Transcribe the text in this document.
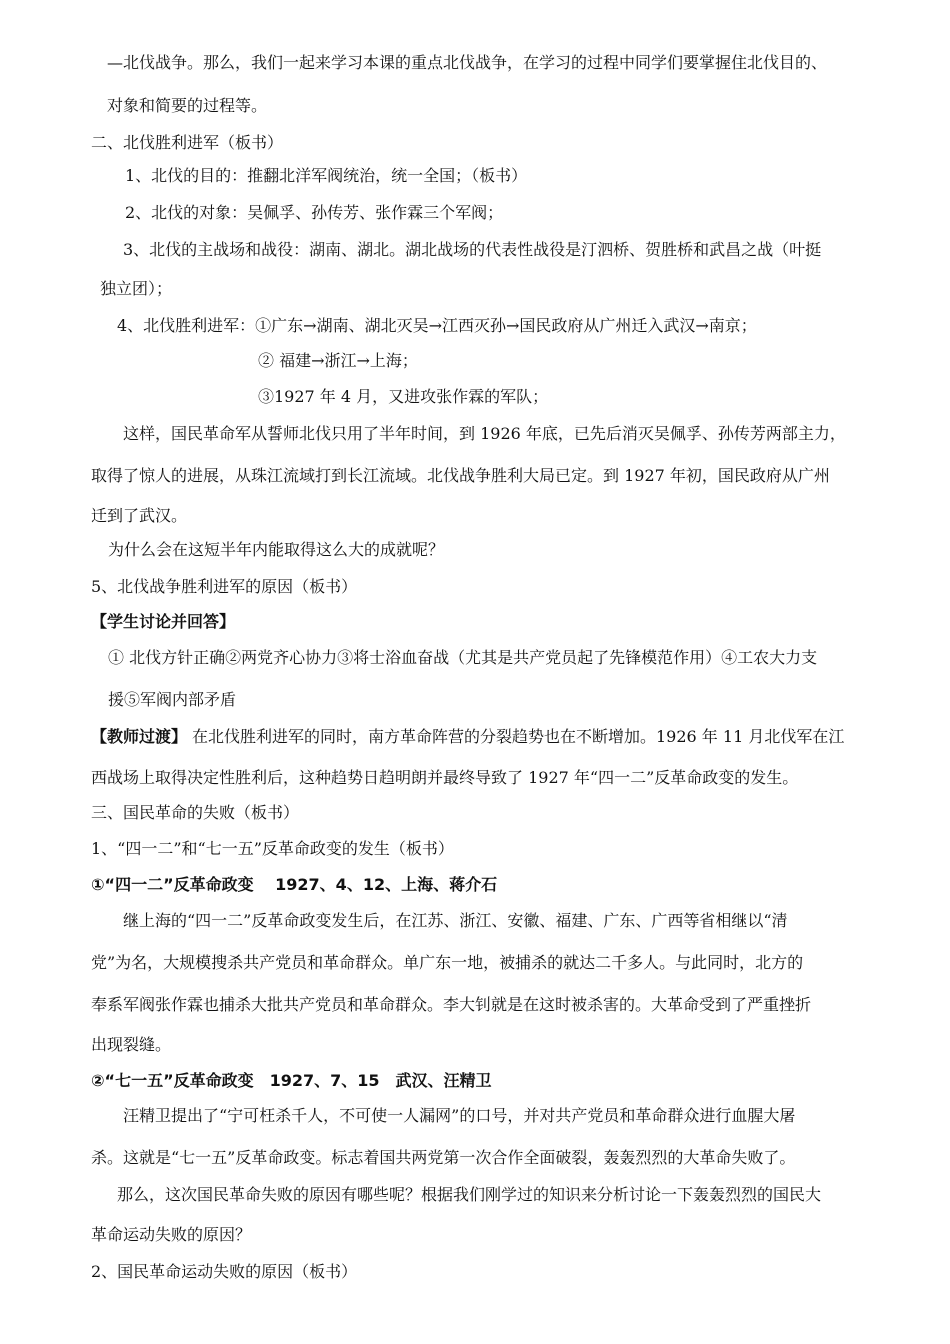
—北伐战争。那么，我们一起来学习本课的重点北伐战争，在学习的过程中同学们要掌握住北伐目的、
对象和简要的过程等。
二、北伐胜利进军（板书）
1、北伐的目的：推翻北洋军阀统治，统一全国；（板书）
2、北伐的对象：吴佩孚、孙传芳、张作霖三个军阀；
3、北伐的主战场和战役：湖南、湖北。湖北战场的代表性战役是汀泗桥、贺胜桥和武昌之战（叶挺
独立团）；
4、北伐胜利进军：①广东→湖南、湖北灭吴→江西灭孙→国民政府从广州迁入武汉→南京；
② 福建→浙江→上海；
③1927 年 4 月，又进攻张作霖的军队；
这样，国民革命军从誓师北伐只用了半年时间，到 1926 年底，已先后消灭吴佩孚、孙传芳两部主力，
取得了惊人的进展，从珠江流域打到长江流域。北伐战争胜利大局已定。到 1927 年初，国民政府从广州
迁到了武汉。
为什么会在这短半年内能取得这么大的成就呢？
5、北伐战争胜利进军的原因（板书）
【学生讨论并回答】
① 北伐方针正确②两党齐心协力③将士浴血奋战（尤其是共产党员起了先锋模范作用）④工农大力支
援⑤军阀内部矛盾
【教师过渡】 在北伐胜利进军的同时，南方革命阵营的分裂趋势也在不断增加。1926 年 11 月北伐军在江
西战场上取得决定性胜利后，这种趋势日趋明朗并最终导致了 1927 年“四一二”反革命政变的发生。
三、国民革命的失败（板书）
1、“四一二”和“七一五”反革命政变的发生（板书）
①“四一二”反革命政变　 1927、4、12、上海、蒋介石
继上海的“四一二”反革命政变发生后，在江苏、浙江、安徽、福建、广东、广西等省相继以“清
党”为名，大规模搜杀共产党员和革命群众。单广东一地，被捕杀的就达二千多人。与此同时，北方的
奉系军阀张作霖也捕杀大批共产党员和革命群众。李大钊就是在这时被杀害的。大革命受到了严重挫折
出现裂缝。
②“七一五”反革命政变　1927、7、15　武汉、汪精卫
汪精卫提出了“宁可枉杀千人，不可使一人漏网”的口号，并对共产党员和革命群众进行血腥大屠
杀。这就是“七一五”反革命政变。标志着国共两党第一次合作全面破裂，轰轰烈烈的大革命失败了。
那么，这次国民革命失败的原因有哪些呢？根据我们刚学过的知识来分析讨论一下轰轰烈烈的国民大
革命运动失败的原因？
2、国民革命运动失败的原因（板书）
